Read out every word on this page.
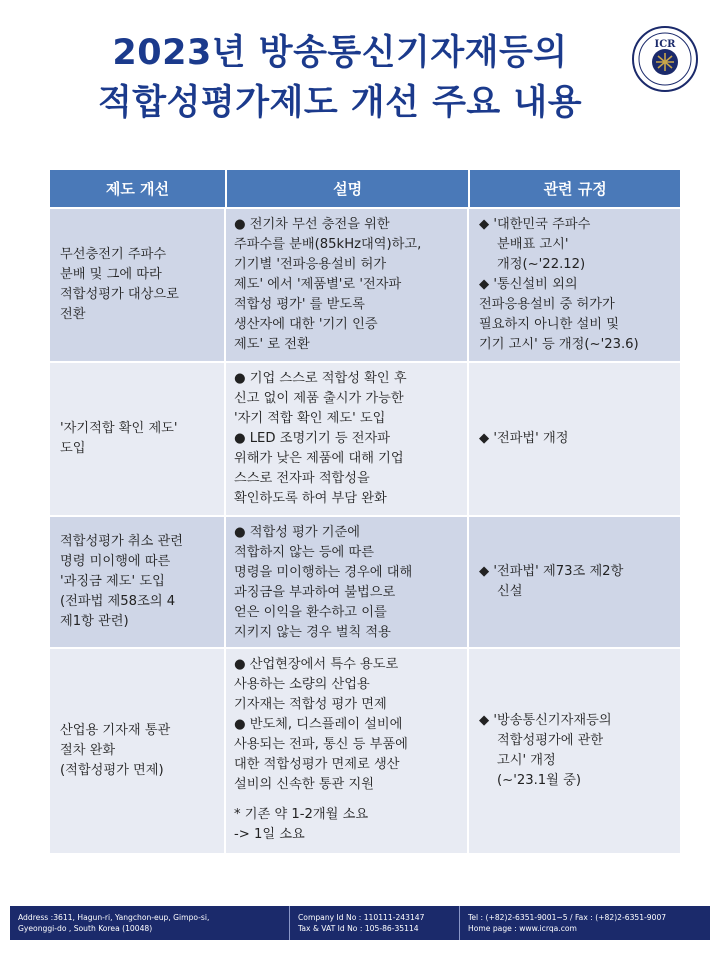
2023년 방송통신기자재등의
적합성평가제도 개선 주요 내용
ICR
제도 개선	설명	관련 규정
무선충전기 주파수
분배 및 그에 따라
적합성평가 대상으로
전환
● 전기차 무선 충전을 위한
주파수를 분배(85kHz대역)하고,
기기별 '전파응용설비 허가
제도' 에서 '제품별'로 '전자파
적합성 평가' 를 받도록
생산자에 대한 '기기 인증
제도' 로 전환
◆ '대한민국 주파수
분배표 고시'
개정(~'22.12)
◆ '통신설비 외의
전파응용설비 중 허가가
필요하지 아니한 설비 및
기기 고시' 등 개정(~'23.6)
'자기적합 확인 제도'
도입
● 기업 스스로 적합성 확인 후
신고 없이 제품 출시가 가능한
'자기 적합 확인 제도' 도입
● LED 조명기기 등 전자파
위해가 낮은 제품에 대해 기업
스스로 전자파 적합성을
확인하도록 하여 부담 완화
◆ '전파법' 개정
적합성평가 취소 관련
명령 미이행에 따른
'과징금 제도' 도입
(전파법 제58조의 4
제1항 관련)
● 적합성 평가 기준에
적합하지 않는 등에 따른
명령을 미이행하는 경우에 대해
과징금을 부과하여 불법으로
얻은 이익을 환수하고 이를
지키지 않는 경우 벌칙 적용
◆ '전파법' 제73조 제2항
신설
산업용 기자재 통관
절차 완화
(적합성평가 면제)
● 산업현장에서 특수 용도로
사용하는 소량의 산업용
기자재는 적합성 평가 면제
● 반도체, 디스플레이 설비에
사용되는 전파, 통신 등 부품에
대한 적합성평가 면제로 생산
설비의 신속한 통관 지원
* 기존 약 1-2개월 소요
-> 1일 소요
◆ '방송통신기자재등의
적합성평가에 관한
고시' 개정
(~'23.1월 중)
Address :3611, Hagun-ri, Yangchon-eup, Gimpo-si,
Gyeonggi-do , South Korea (10048)
Company Id No : 110111-243147
Tax & VAT Id No : 105-86-35114
Tel : (+82)2-6351-9001~5 / Fax : (+82)2-6351-9007
Home page : www.icrqa.com
